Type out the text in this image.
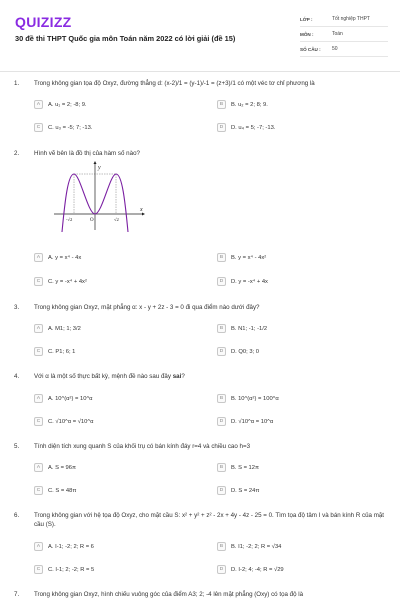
QUIZIZZ
30 đề thi THPT Quốc gia môn Toán năm 2022 có lời giải (đề 15)
LỚP :	Tốt nghiệp THPT
MÔN :	Toán
SỐ CÂU :	50
1. Trong không gian tọa độ Oxyz, đường thẳng d: (x-2)/1 = (y-1)/-1 = (z+3)/1 có một véc tơ chỉ phương là
A	A. u₁ = 2; -8; 9.	B	B. u₂ = 2; 8; 9.
C	C. u₃ = -5; 7; -13.	D	D. u₄ = 5; -7; -13.
2. Hình vẽ bên là đồ thị của hàm số nào?
y
x
O
-√2	√2
A	A. y = x⁴ - 4x	B	B. y = x⁴ - 4x²
C	C. y = -x⁴ + 4x²	D	D. y = -x⁴ + 4x
3. Trong không gian Oxyz, mặt phẳng α: x - y + 2z - 3 = 0 đi qua điểm nào dưới đây?
A	A. M1; 1; 3/2	B	B. N1; -1; -1/2
C	C. P1; 6; 1	D	D. Q0; 3; 0
4. Với α là một số thực bất kỳ, mệnh đề nào sau đây sai?
A	A. 10^(α²) = 10^α	B	B. 10^(α²) = 100^α
C	C. √10^α = √10^α	D	D. √10^α = 10^α
5. Tính diện tích xung quanh S của khối trụ có bán kính đáy r=4 và chiều cao h=3
A	A. S = 96π	B	B. S = 12π
C	C. S = 48π	D	D. S = 24π
6. Trong không gian với hệ tọa độ Oxyz, cho mặt cầu S: x² + y² + z² - 2x + 4y - 4z - 25 = 0. Tìm tọa độ tâm I và bán kính R của mặt cầu (S).
A	A. I-1; -2; 2; R = 6	B	B. I1; -2; 2; R = √34
C	C. I-1; 2; -2; R = 5	D	D. I-2; 4; -4; R = √29
7. Trong không gian Oxyz, hình chiếu vuông góc của điểm A3; 2; -4 lên mặt phẳng (Oxy) có tọa độ là
